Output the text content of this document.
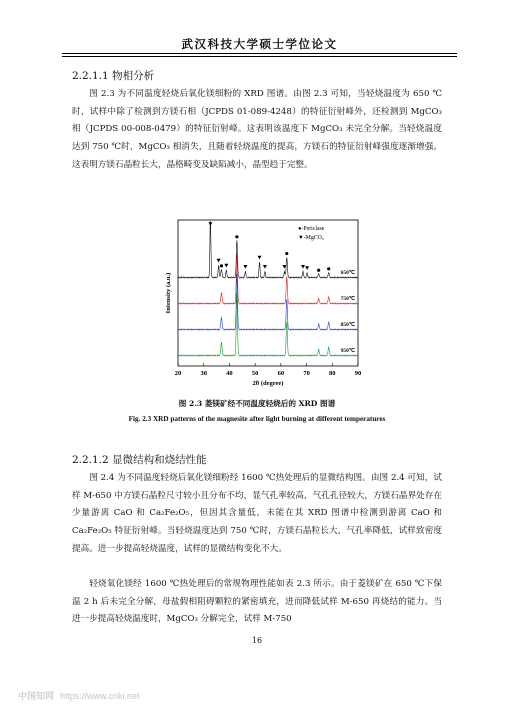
武汉科技大学硕士学位论文
2.2.1.1 物相分析

图 2.3 为不同温度轻烧后氧化镁细粉的 XRD 图谱。由图 2.3 可知，当轻烧温度为 650 ℃时，试样中除了检测到方镁石相（JCPDS 01-089-4248）的特征衍射峰外，还检测到 MgCO₃ 相（JCPDS 00-008-0479）的特征衍射峰。这表明该温度下 MgCO₃ 未完全分解。当轻烧温度达到 750 ℃时，MgCO₃ 相消失，且随着轻烧温度的提高，方镁石的特征衍射峰强度逐渐增强。这表明方镁石晶粒长大，晶格畸变及缺陷减小，晶型趋于完整。

20	30	40	50	60	70	80	90
2θ (degree)
Intensity (a.u.)	650℃
750℃
850℃
950℃
●-Periclase
▼-MgCO₃
图 2.3 菱镁矿经不同温度轻烧后的 XRD 图谱
Fig. 2.3 XRD patterns of the magnesite after light burning at different temperatures
2.2.1.2 显微结构和烧结性能

图 2.4 为不同温度轻烧后氧化镁细粉经 1600 ℃热处理后的显微结构图。由图 2.4 可知，试样 M-650 中方镁石晶粒尺寸较小且分布不均，显气孔率较高，气孔孔径较大，方镁石晶界处存在少量游离 CaO 和 Ca₂Fe₂O₅，但因其含量低，未能在其 XRD 图谱中检测到游离 CaO 和 Ca₂Fe₂O₅ 特征衍射峰。当轻烧温度达到 750 ℃时，方镁石晶粒长大，气孔率降低，试样致密度提高。进一步提高轻烧温度，试样的显微结构变化不大。

轻烧氧化镁经 1600 ℃热处理后的常规物理性能如表 2.3 所示。由于菱镁矿在 650 ℃下保温 2 h 后未完全分解，母盐假相阻碍颗粒的紧密填充，进而降低试样 M-650 再烧结的能力。当进一步提高轻烧温度时，MgCO₃ 分解完全，试样 M-750

16
中国知网 https://www.cnki.net
